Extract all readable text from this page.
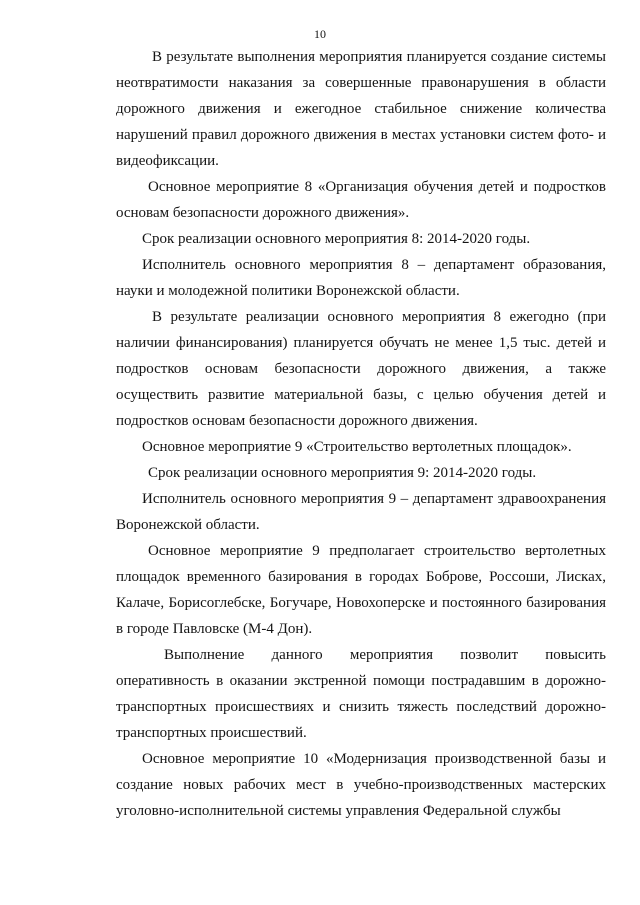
10

В результате выполнения мероприятия планируется создание системы неотвратимости наказания за совершенные правонарушения в области дорожного движения и ежегодное стабильное снижение количества нарушений правил дорожного движения в местах установки систем фото- и видеофиксации.

Основное мероприятие 8 «Организация обучения детей и подростков основам безопасности дорожного движения».

Срок реализации основного мероприятия 8: 2014-2020 годы.

Исполнитель основного мероприятия 8 – департамент образования, науки и молодежной политики Воронежской области.

В результате реализации основного мероприятия 8 ежегодно (при наличии финансирования) планируется обучать не менее 1,5 тыс. детей и подростков основам безопасности дорожного движения, а также осуществить развитие материальной базы, с целью обучения детей и подростков основам безопасности дорожного движения.

Основное мероприятие 9 «Строительство вертолетных площадок».

Срок реализации основного мероприятия 9: 2014-2020 годы.

Исполнитель основного мероприятия 9 – департамент здравоохранения Воронежской области.

Основное мероприятие 9 предполагает строительство вертолетных площадок временного базирования в городах Боброве, Россоши, Лисках, Калаче, Борисоглебске, Богучаре, Новохоперске и постоянного базирования в городе Павловске (М-4 Дон).

Выполнение данного мероприятия позволит повысить оперативность в оказании экстренной помощи пострадавшим в дорожно-транспортных происшествиях и снизить тяжесть последствий дорожно-транспортных происшествий.

Основное мероприятие 10 «Модернизация производственной базы и создание новых рабочих мест в учебно-производственных мастерских уголовно-исполнительной системы управления Федеральной службы
